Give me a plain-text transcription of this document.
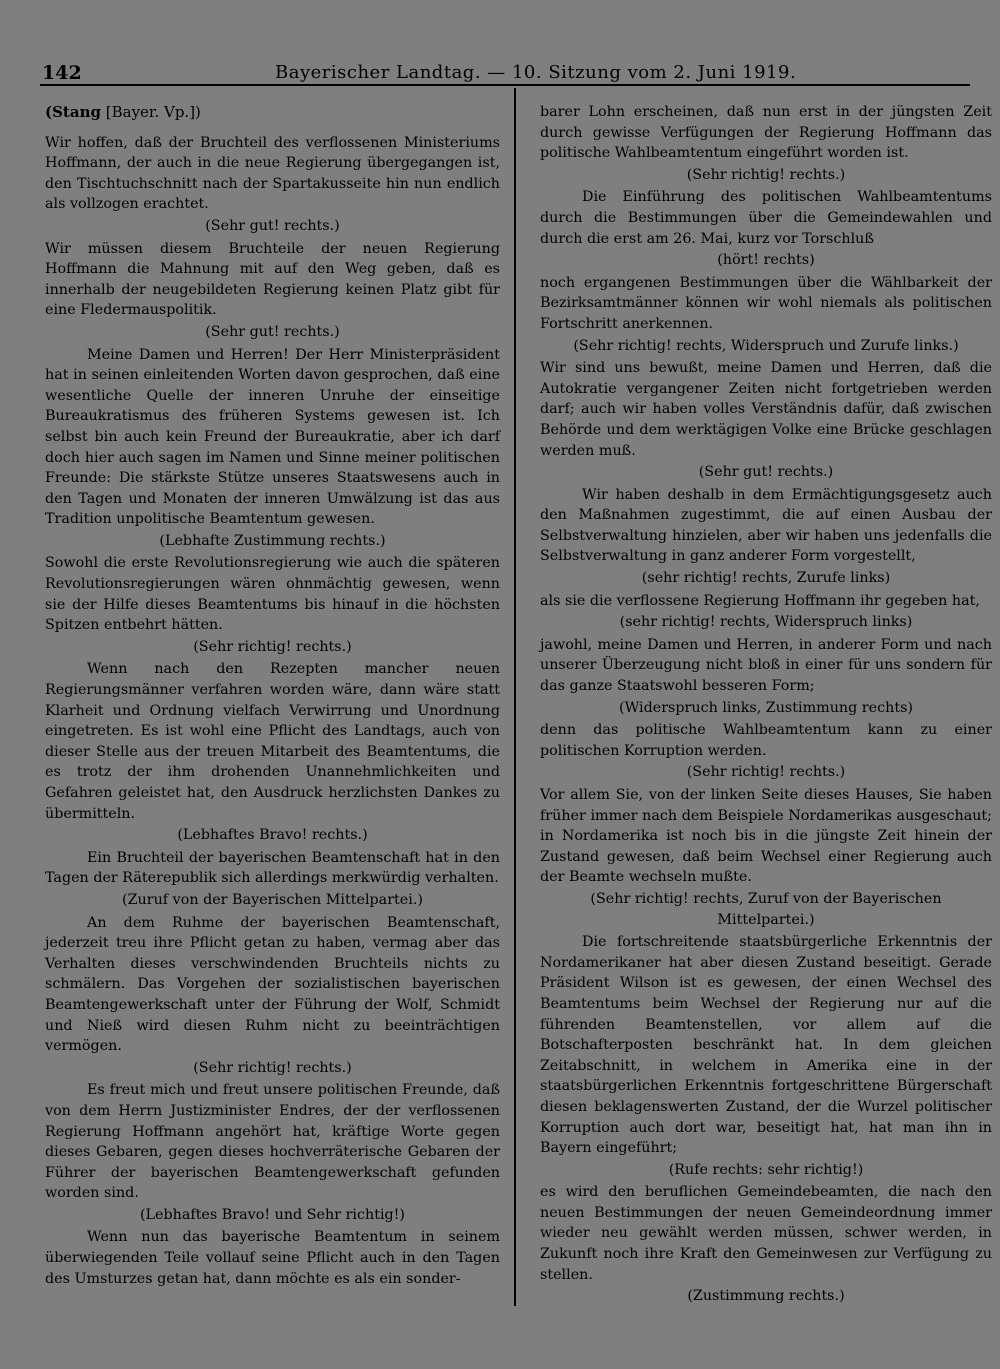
142	Bayerischer Landtag. — 10. Sitzung vom 2. Juni 1919.

(Stang [Bayer. Vp.])

Wir hoffen, daß der Bruchteil des verflossenen Ministeriums Hoffmann, der auch in die neue Regierung übergegangen ist, den Tischtuchschnitt nach der Spartakusseite hin nun endlich als vollzogen erachtet.

(Sehr gut! rechts.)

Wir müssen diesem Bruchteile der neuen Regierung Hoffmann die Mahnung mit auf den Weg geben, daß es innerhalb der neugebildeten Regierung keinen Platz gibt für eine Fledermauspolitik.

(Sehr gut! rechts.)

Meine Damen und Herren! Der Herr Ministerpräsident hat in seinen einleitenden Worten davon gesprochen, daß eine wesentliche Quelle der inneren Unruhe der einseitige Bureaukratismus des früheren Systems gewesen ist. Ich selbst bin auch kein Freund der Bureaukratie, aber ich darf doch hier auch sagen im Namen und Sinne meiner politischen Freunde: Die stärkste Stütze unseres Staatswesens auch in den Tagen und Monaten der inneren Umwälzung ist das aus Tradition unpolitische Beamtentum gewesen.

(Lebhafte Zustimmung rechts.)

Sowohl die erste Revolutionsregierung wie auch die späteren Revolutionsregierungen wären ohnmächtig gewesen, wenn sie der Hilfe dieses Beamtentums bis hinauf in die höchsten Spitzen entbehrt hätten.

(Sehr richtig! rechts.)

Wenn nach den Rezepten mancher neuen Regierungsmänner verfahren worden wäre, dann wäre statt Klarheit und Ordnung vielfach Verwirrung und Unordnung eingetreten. Es ist wohl eine Pflicht des Landtags, auch von dieser Stelle aus der treuen Mitarbeit des Beamtentums, die es trotz der ihm drohenden Unannehmlichkeiten und Gefahren geleistet hat, den Ausdruck herzlichsten Dankes zu übermitteln.

(Lebhaftes Bravo! rechts.)

Ein Bruchteil der bayerischen Beamtenschaft hat in den Tagen der Räterepublik sich allerdings merkwürdig verhalten.

(Zuruf von der Bayerischen Mittelpartei.)

An dem Ruhme der bayerischen Beamtenschaft, jederzeit treu ihre Pflicht getan zu haben, vermag aber das Verhalten dieses verschwindenden Bruchteils nichts zu schmälern. Das Vorgehen der sozialistischen bayerischen Beamtengewerkschaft unter der Führung der Wolf, Schmidt und Nieß wird diesen Ruhm nicht zu beeinträchtigen vermögen.

(Sehr richtig! rechts.)

Es freut mich und freut unsere politischen Freunde, daß von dem Herrn Justizminister Endres, der der verflossenen Regierung Hoffmann angehört hat, kräftige Worte gegen dieses Gebaren, gegen dieses hochverräterische Gebaren der Führer der bayerischen Beamtengewerkschaft gefunden worden sind.

(Lebhaftes Bravo! und Sehr richtig!)

Wenn nun das bayerische Beamtentum in seinem überwiegenden Teile vollauf seine Pflicht auch in den Tagen des Umsturzes getan hat, dann möchte es als ein sonder-

barer Lohn erscheinen, daß nun erst in der jüngsten Zeit durch gewisse Verfügungen der Regierung Hoffmann das politische Wahlbeamtentum eingeführt worden ist.

(Sehr richtig! rechts.)

Die Einführung des politischen Wahlbeamtentums durch die Bestimmungen über die Gemeindewahlen und durch die erst am 26. Mai, kurz vor Torschluß

(hört! rechts)

noch ergangenen Bestimmungen über die Wählbarkeit der Bezirksamtmänner können wir wohl niemals als politischen Fortschritt anerkennen.

(Sehr richtig! rechts, Widerspruch und Zurufe links.)

Wir sind uns bewußt, meine Damen und Herren, daß die Autokratie vergangener Zeiten nicht fortgetrieben werden darf; auch wir haben volles Verständnis dafür, daß zwischen Behörde und dem werktägigen Volke eine Brücke geschlagen werden muß.

(Sehr gut! rechts.)

Wir haben deshalb in dem Ermächtigungsgesetz auch den Maßnahmen zugestimmt, die auf einen Ausbau der Selbstverwaltung hinzielen, aber wir haben uns jedenfalls die Selbstverwaltung in ganz anderer Form vorgestellt,

(sehr richtig! rechts, Zurufe links)

als sie die verflossene Regierung Hoffmann ihr gegeben hat,

(sehr richtig! rechts, Widerspruch links)

jawohl, meine Damen und Herren, in anderer Form und nach unserer Überzeugung nicht bloß in einer für uns sondern für das ganze Staatswohl besseren Form;

(Widerspruch links, Zustimmung rechts)

denn das politische Wahlbeamtentum kann zu einer politischen Korruption werden.

(Sehr richtig! rechts.)

Vor allem Sie, von der linken Seite dieses Hauses, Sie haben früher immer nach dem Beispiele Nordamerikas ausgeschaut; in Nordamerika ist noch bis in die jüngste Zeit hinein der Zustand gewesen, daß beim Wechsel einer Regierung auch der Beamte wechseln mußte.

(Sehr richtig! rechts, Zuruf von der Bayerischen Mittelpartei.)

Die fortschreitende staatsbürgerliche Erkenntnis der Nordamerikaner hat aber diesen Zustand beseitigt. Gerade Präsident Wilson ist es gewesen, der einen Wechsel des Beamtentums beim Wechsel der Regierung nur auf die führenden Beamtenstellen, vor allem auf die Botschafterposten beschränkt hat. In dem gleichen Zeitabschnitt, in welchem in Amerika eine in der staatsbürgerlichen Erkenntnis fortgeschrittene Bürgerschaft diesen beklagenswerten Zustand, der die Wurzel politischer Korruption auch dort war, beseitigt hat, hat man ihn in Bayern eingeführt;

(Rufe rechts: sehr richtig!)

es wird den beruflichen Gemeindebeamten, die nach den neuen Bestimmungen der neuen Gemeindeordnung immer wieder neu gewählt werden müssen, schwer werden, in Zukunft noch ihre Kraft den Gemeinwesen zur Verfügung zu stellen.

(Zustimmung rechts.)
